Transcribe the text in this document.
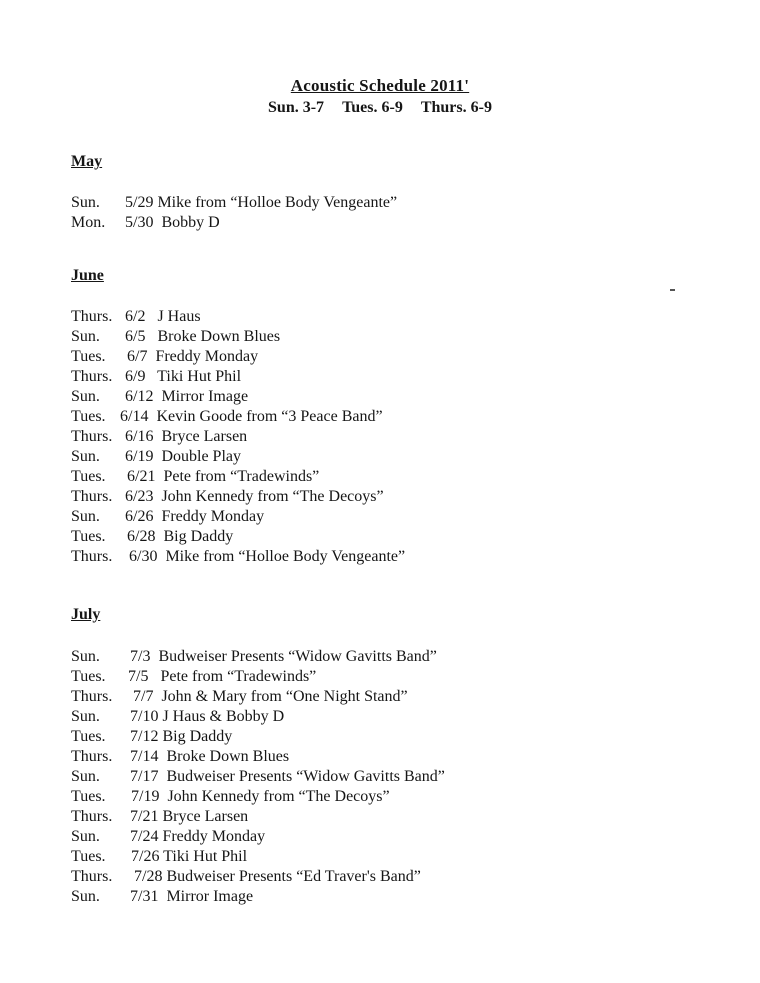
Acoustic Schedule 2011'
Sun. 3-7 Tues. 6-9 Thurs. 6-9
May
Sun. 5/29 Mike from “Holloe Body Vengeante”
Mon. 5/30  Bobby D
June
Thurs. 6/2   J Haus
Sun. 6/5   Broke Down Blues
Tues. 6/7  Freddy Monday
Thurs. 6/9   Tiki Hut Phil
Sun. 6/12  Mirror Image
Tues. 6/14  Kevin Goode from “3 Peace Band”
Thurs. 6/16  Bryce Larsen
Sun. 6/19  Double Play
Tues. 6/21  Pete from “Tradewinds”
Thurs. 6/23  John Kennedy from “The Decoys”
Sun. 6/26  Freddy Monday
Tues. 6/28  Big Daddy
Thurs. 6/30  Mike from “Holloe Body Vengeante”
July
Sun. 7/3  Budweiser Presents “Widow Gavitts Band”
Tues. 7/5   Pete from “Tradewinds”
Thurs. 7/7  John & Mary from “One Night Stand”
Sun. 7/10 J Haus & Bobby D
Tues. 7/12 Big Daddy
Thurs. 7/14  Broke Down Blues
Sun. 7/17  Budweiser Presents “Widow Gavitts Band”
Tues. 7/19  John Kennedy from “The Decoys”
Thurs. 7/21 Bryce Larsen
Sun. 7/24 Freddy Monday
Tues. 7/26 Tiki Hut Phil
Thurs. 7/28 Budweiser Presents “Ed Traver's Band”
Sun. 7/31  Mirror Image
